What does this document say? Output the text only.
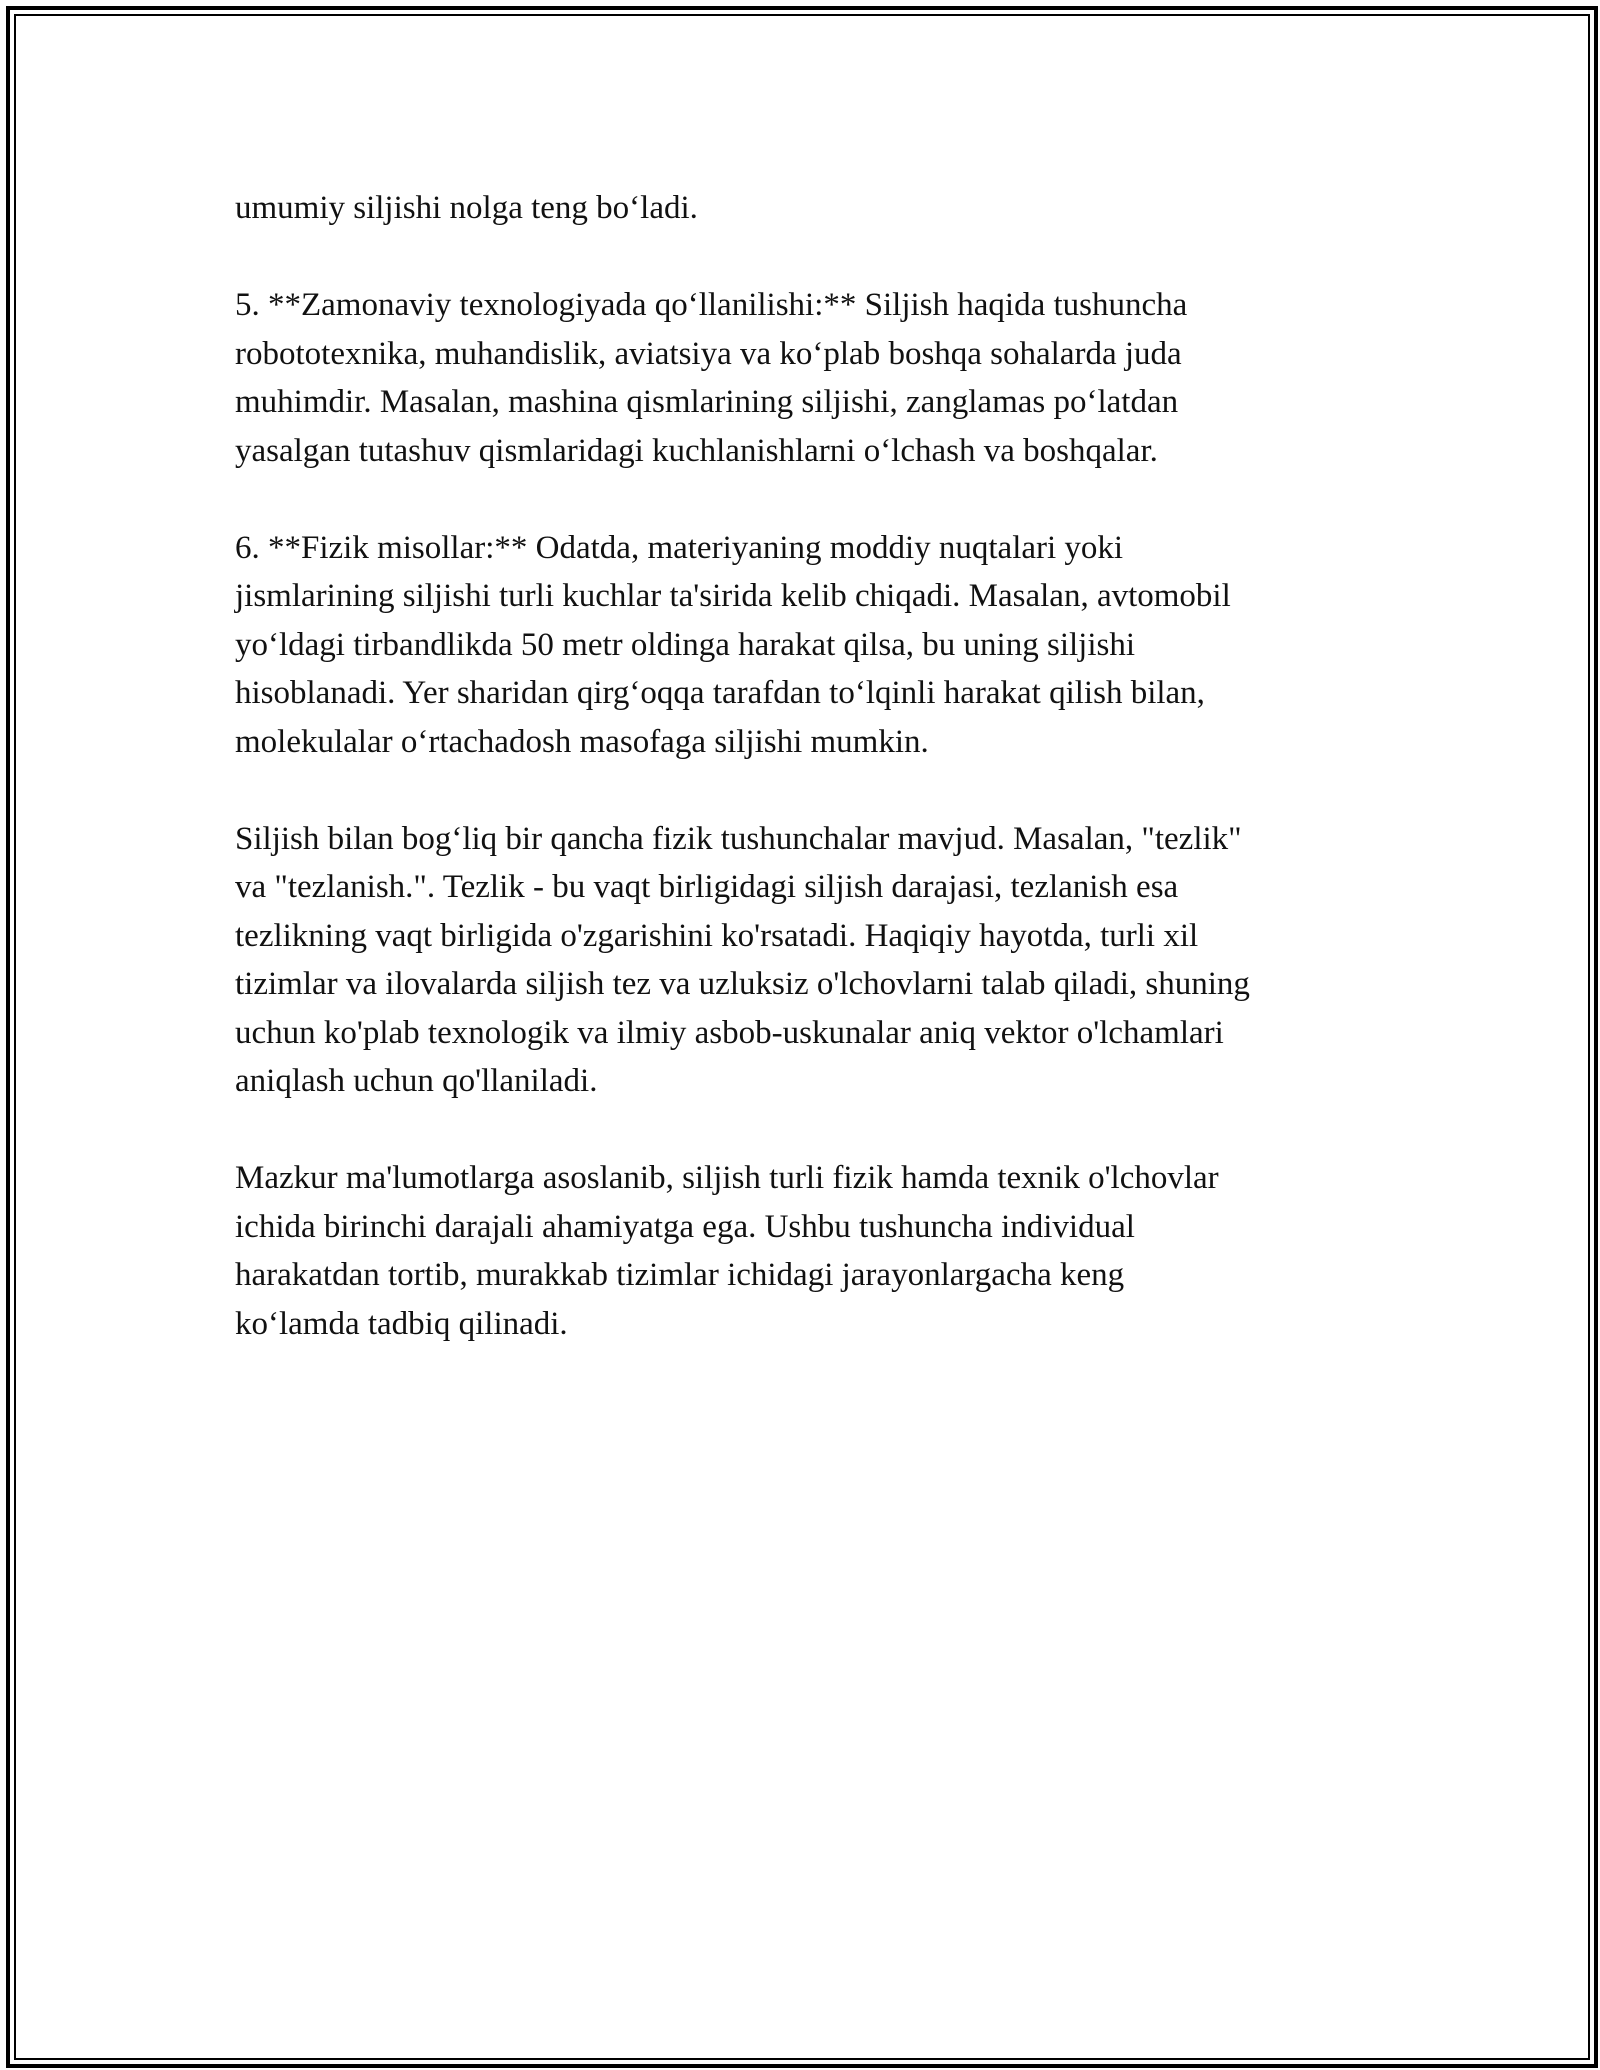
umumiy siljishi nolga teng bo‘ladi.

5. **Zamonaviy texnologiyada qo‘llanilishi:** Siljish haqida tushuncha
robototexnika, muhandislik, aviatsiya va ko‘plab boshqa sohalarda juda
muhimdir. Masalan, mashina qismlarining siljishi, zanglamas po‘latdan
yasalgan tutashuv qismlaridagi kuchlanishlarni o‘lchash va boshqalar.

6. **Fizik misollar:** Odatda, materiyaning moddiy nuqtalari yoki
jismlarining siljishi turli kuchlar ta'sirida kelib chiqadi. Masalan, avtomobil
yo‘ldagi tirbandlikda 50 metr oldinga harakat qilsa, bu uning siljishi
hisoblanadi. Yer sharidan qirg‘oqqa tarafdan to‘lqinli harakat qilish bilan,
molekulalar o‘rtachadosh masofaga siljishi mumkin.

Siljish bilan bog‘liq bir qancha fizik tushunchalar mavjud. Masalan, "tezlik"
va "tezlanish.". Tezlik - bu vaqt birligidagi siljish darajasi, tezlanish esa
tezlikning vaqt birligida o'zgarishini ko'rsatadi. Haqiqiy hayotda, turli xil
tizimlar va ilovalarda siljish tez va uzluksiz o'lchovlarni talab qiladi, shuning
uchun ko'plab texnologik va ilmiy asbob-uskunalar aniq vektor o'lchamlari
aniqlash uchun qo'llaniladi.

Mazkur ma'lumotlarga asoslanib, siljish turli fizik hamda texnik o'lchovlar
ichida birinchi darajali ahamiyatga ega. Ushbu tushuncha individual
harakatdan tortib, murakkab tizimlar ichidagi jarayonlargacha keng
ko‘lamda tadbiq qilinadi.
